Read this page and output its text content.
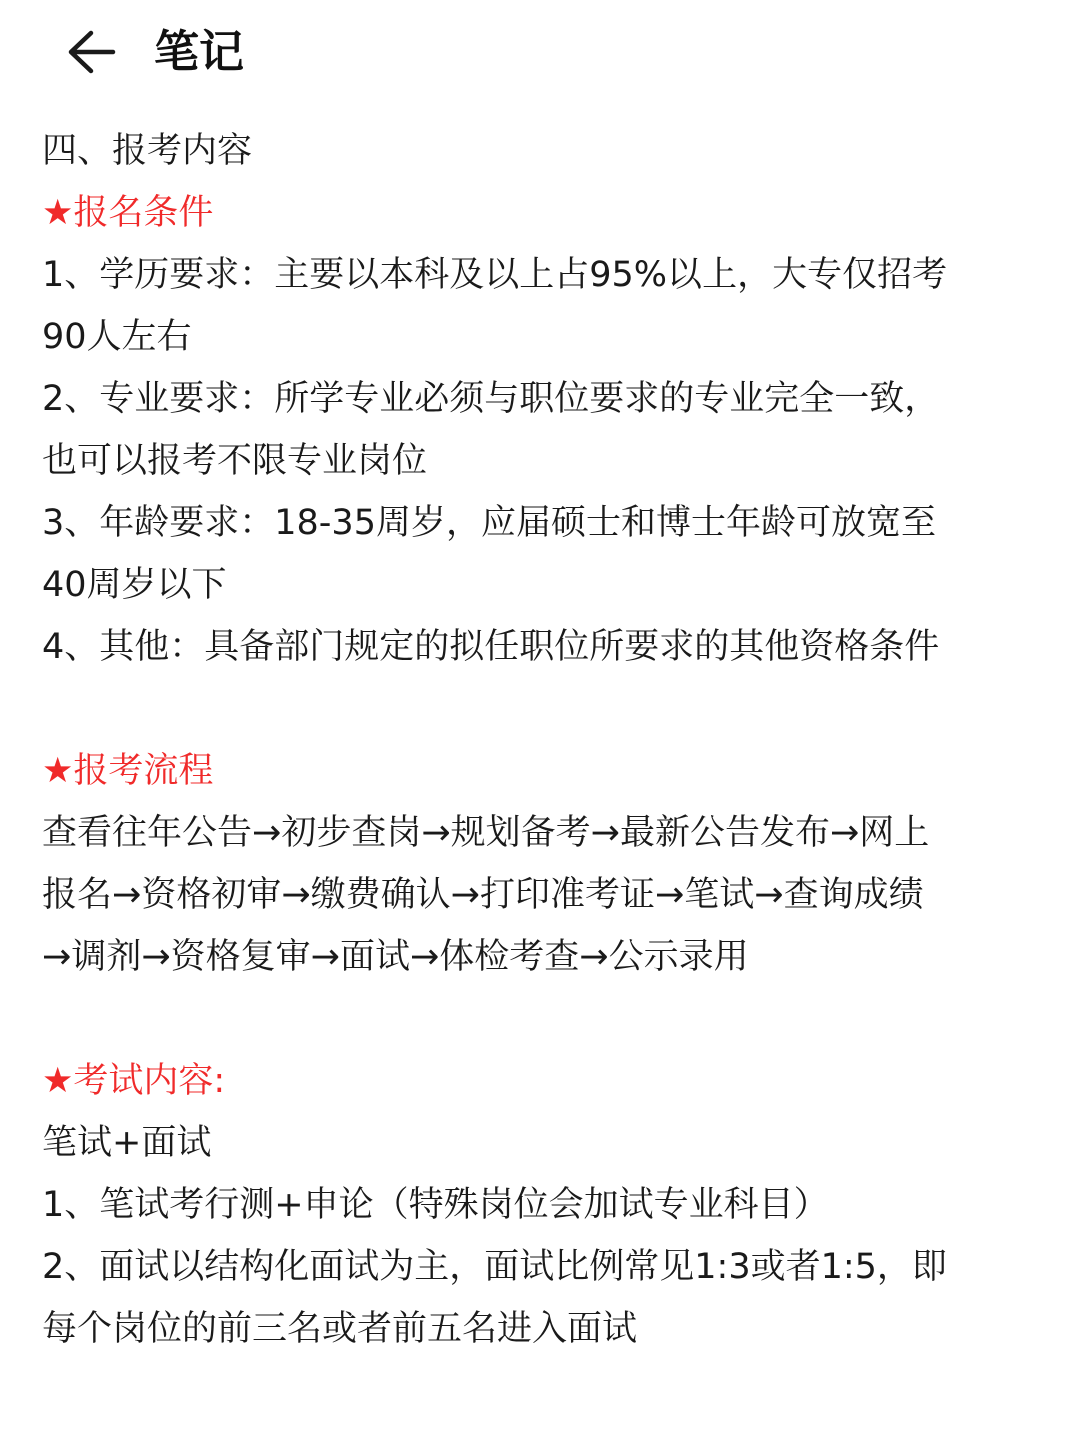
笔记
四、报考内容
★报名条件
1、学历要求：主要以本科及以上占95%以上，大专仅招考
90人左右
2、专业要求：所学专业必须与职位要求的专业完全一致，
也可以报考不限专业岗位
3、年龄要求：18-35周岁，应届硕士和博士年龄可放宽至
40周岁以下
4、其他：具备部门规定的拟任职位所要求的其他资格条件
★报考流程
查看往年公告→初步查岗→规划备考→最新公告发布→网上
报名→资格初审→缴费确认→打印准考证→笔试→查询成绩
→调剂→资格复审→面试→体检考查→公示录用
★考试内容:
笔试+面试
1、笔试考行测+申论（特殊岗位会加试专业科目）
2、面试以结构化面试为主，面试比例常见1:3或者1:5，即
每个岗位的前三名或者前五名进入面试
